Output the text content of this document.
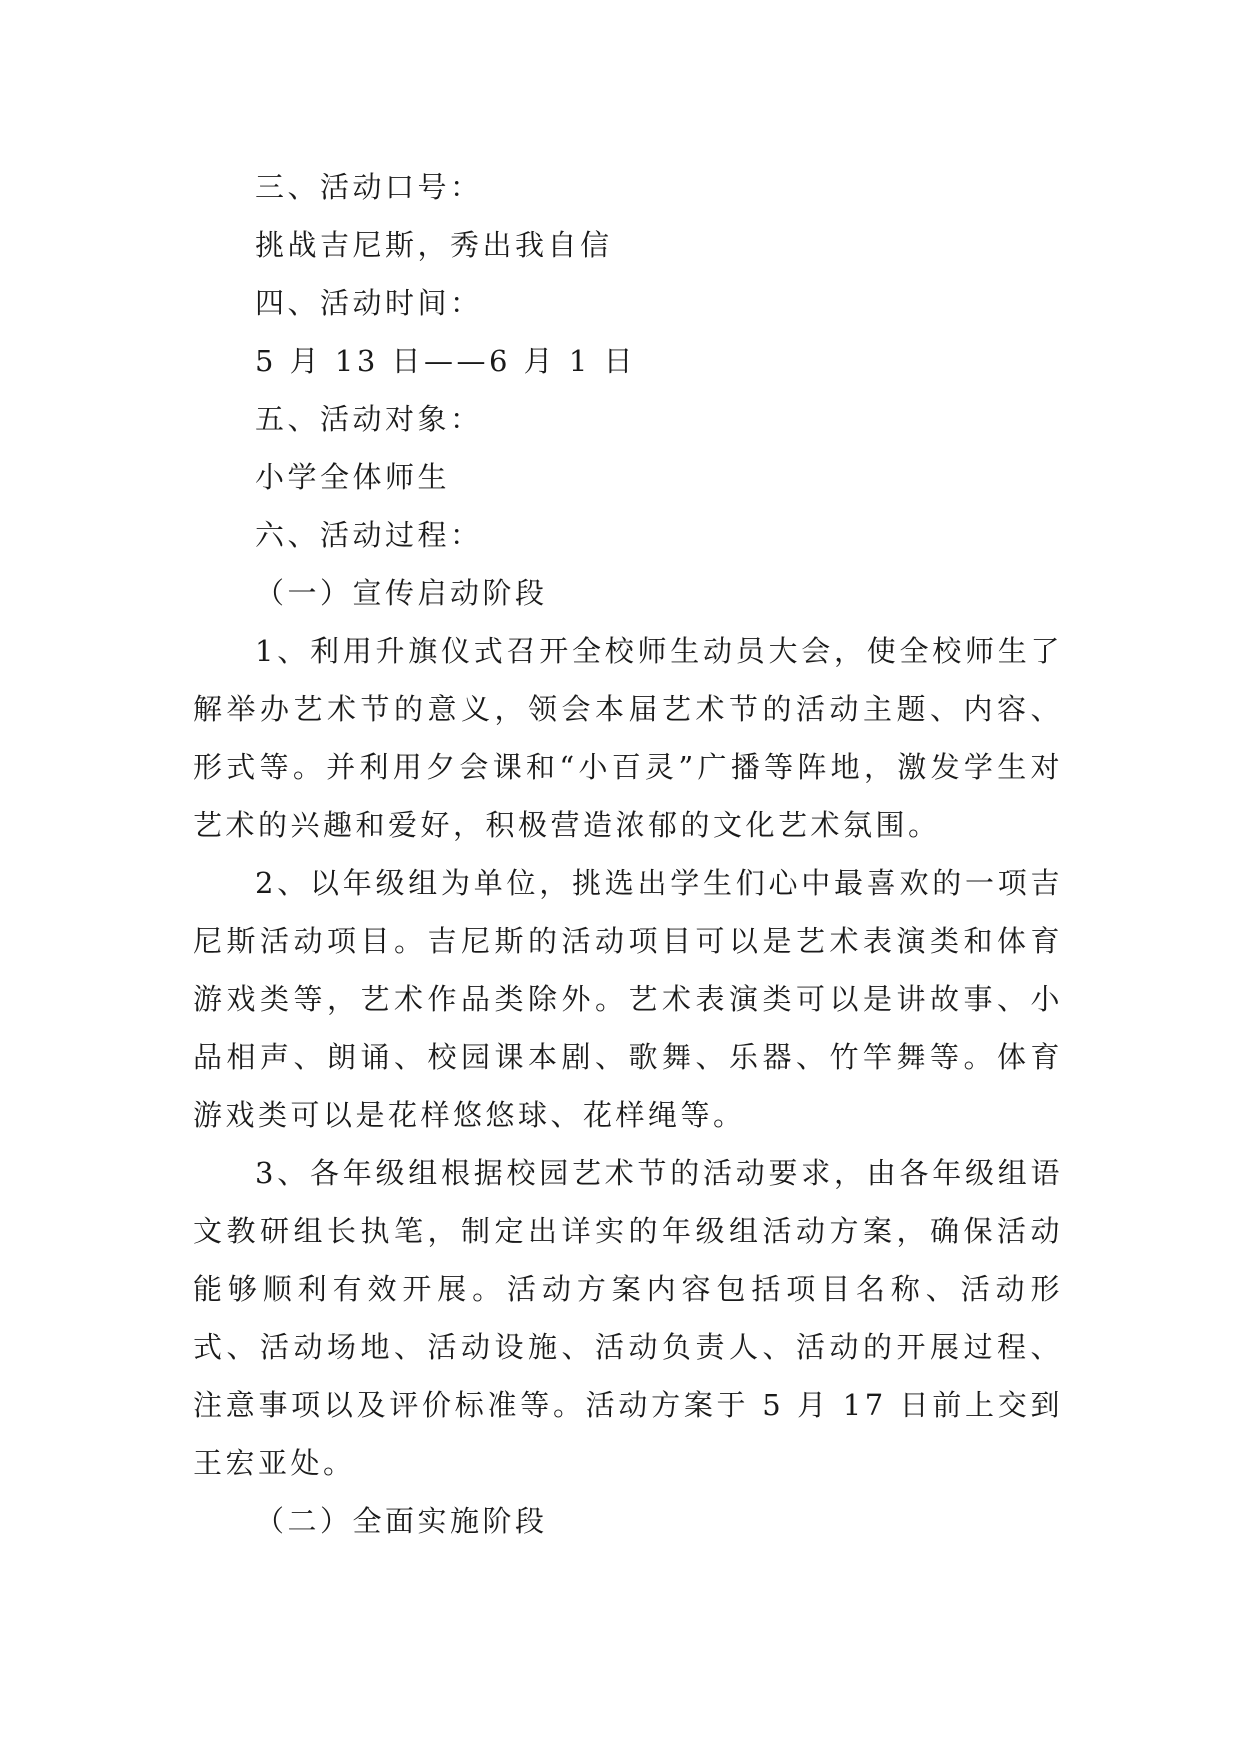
三、活动口号：

挑战吉尼斯，秀出我自信

四、活动时间：

5 月 13 日——6 月 1 日

五、活动对象：

小学全体师生

六、活动过程：

（一）宣传启动阶段

1、利用升旗仪式召开全校师生动员大会，使全校师生了解举办艺术节的意义，领会本届艺术节的活动主题、内容、形式等。并利用夕会课和“小百灵”广播等阵地，激发学生对艺术的兴趣和爱好，积极营造浓郁的文化艺术氛围。

2、以年级组为单位，挑选出学生们心中最喜欢的一项吉尼斯活动项目。吉尼斯的活动项目可以是艺术表演类和体育游戏类等，艺术作品类除外。艺术表演类可以是讲故事、小品相声、朗诵、校园课本剧、歌舞、乐器、竹竿舞等。体育游戏类可以是花样悠悠球、花样绳等。

3、各年级组根据校园艺术节的活动要求，由各年级组语文教研组长执笔，制定出详实的年级组活动方案，确保活动能够顺利有效开展。活动方案内容包括项目名称、活动形式、活动场地、活动设施、活动负责人、活动的开展过程、注意事项以及评价标准等。活动方案于 5 月 17 日前上交到王宏亚处。

（二）全面实施阶段
